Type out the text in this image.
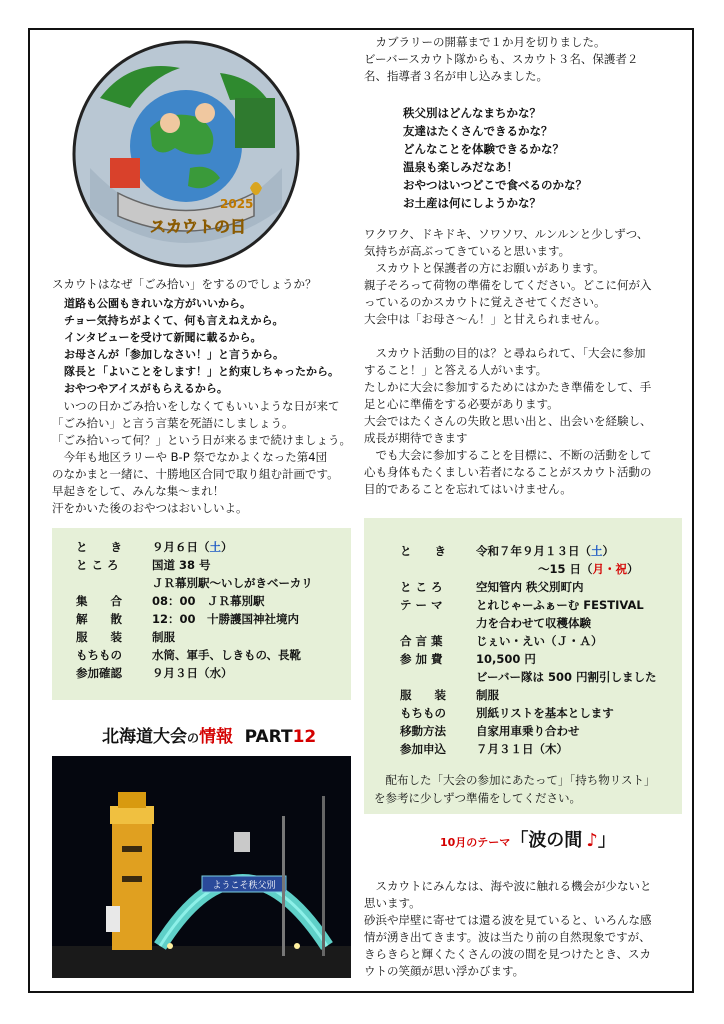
2025
スカウトの日
　カブラリーの開幕まで１か月を切りました。
ビーバースカウト隊からも、スカウト３名、保護者２
名、指導者３名が申し込みました。
秩父別はどんなまちかな？
友達はたくさんできるかな？
どんなことを体験できるかな？
温泉も楽しみだなあ！
おやつはいつどこで食べるのかな？
お土産は何にしようかな？
ワクワク、ドキドキ、ソワソワ、ルンルンと少しずつ、
気持ちが高ぶってきていると思います。
　スカウトと保護者の方にお願いがあります。
親子そろって荷物の準備をしてください。どこに何が入
っているのかスカウトに覚えさせてください。
大会中は「お母さ～ん！」と甘えられません。
　スカウト活動の目的は？と尋ねられて、「大会に参加
すること！」と答える人がいます。
たしかに大会に参加するためにはかたき準備をして、手
足と心に準備をする必要があります。
大会ではたくさんの失敗と思い出と、出会いを経験し、
成長が期待できます
　でも大会に参加することを目標に、不断の活動をして
心も身体もたくましい若者になることがスカウト活動の
目的であることを忘れてはいけません。
スカウトはなぜ「ごみ拾い」をするのでしょうか？
道路も公園もきれいな方がいいから。
チョー気持ちがよくて、何も言えねえから。
インタビューを受けて新聞に載るから。
お母さんが「参加しなさい！」と言うから。
隊長と「よいことをします！」と約束しちゃったから。
おやつやアイスがもらえるから。
　いつの日かごみ拾いをしなくてもいいような日が来て
「ごみ拾い」と言う言葉を死語にしましょう。
「ごみ拾いって何？」という日が来るまで続けましょう。
　今年も地区ラリーや B-P 祭でなかよくなった第4団
のなかまと一緒に、十勝地区合同で取り組む計画です。
早起きをして、みんな集～まれ！
汗をかいた後のおやつはおいしいよ。
と　　き	９月６日（土）
と こ ろ	国道 38 号
ＪＲ幕別駅～いしがきベーカリ
集　　合	08：00　ＪＲ幕別駅
解　　散	12：00　十勝護国神社境内
服　　装	制服
もちもの	水筒、軍手、しきもの、長靴
参加確認	９月３日（水）
と　　き	令和７年９月１３日（土）
～15 日（月・祝）
と こ ろ	空知管内 秩父別町内
テ ー マ	とれじゃーふぁーむ FESTIVAL
力を合わせて収穫体験
合 言 葉	じぇい・えい（Ｊ・Ａ）
参 加 費	10,500 円
ビーバー隊は 500 円割引しました
服　　装	制服
もちもの	別紙リストを基本とします
移動方法	自家用車乗り合わせ
参加申込	７月３１日（木）
　配布した「大会の参加にあたって」「持ち物リスト」
を参考に少しずつ準備をしてください。
北海道大会の情報 PART12
ようこそ秩父別
10月のテーマ「波の間 ♪」
　スカウトにみんなは、海や波に触れる機会が少ないと
思います。
砂浜や岸壁に寄せては還る波を見ていると、いろんな感
情が湧き出てきます。波は当たり前の自然現象ですが、
きらきらと輝くたくさんの波の間を見つけたとき、スカ
ウトの笑顔が思い浮かびます。
